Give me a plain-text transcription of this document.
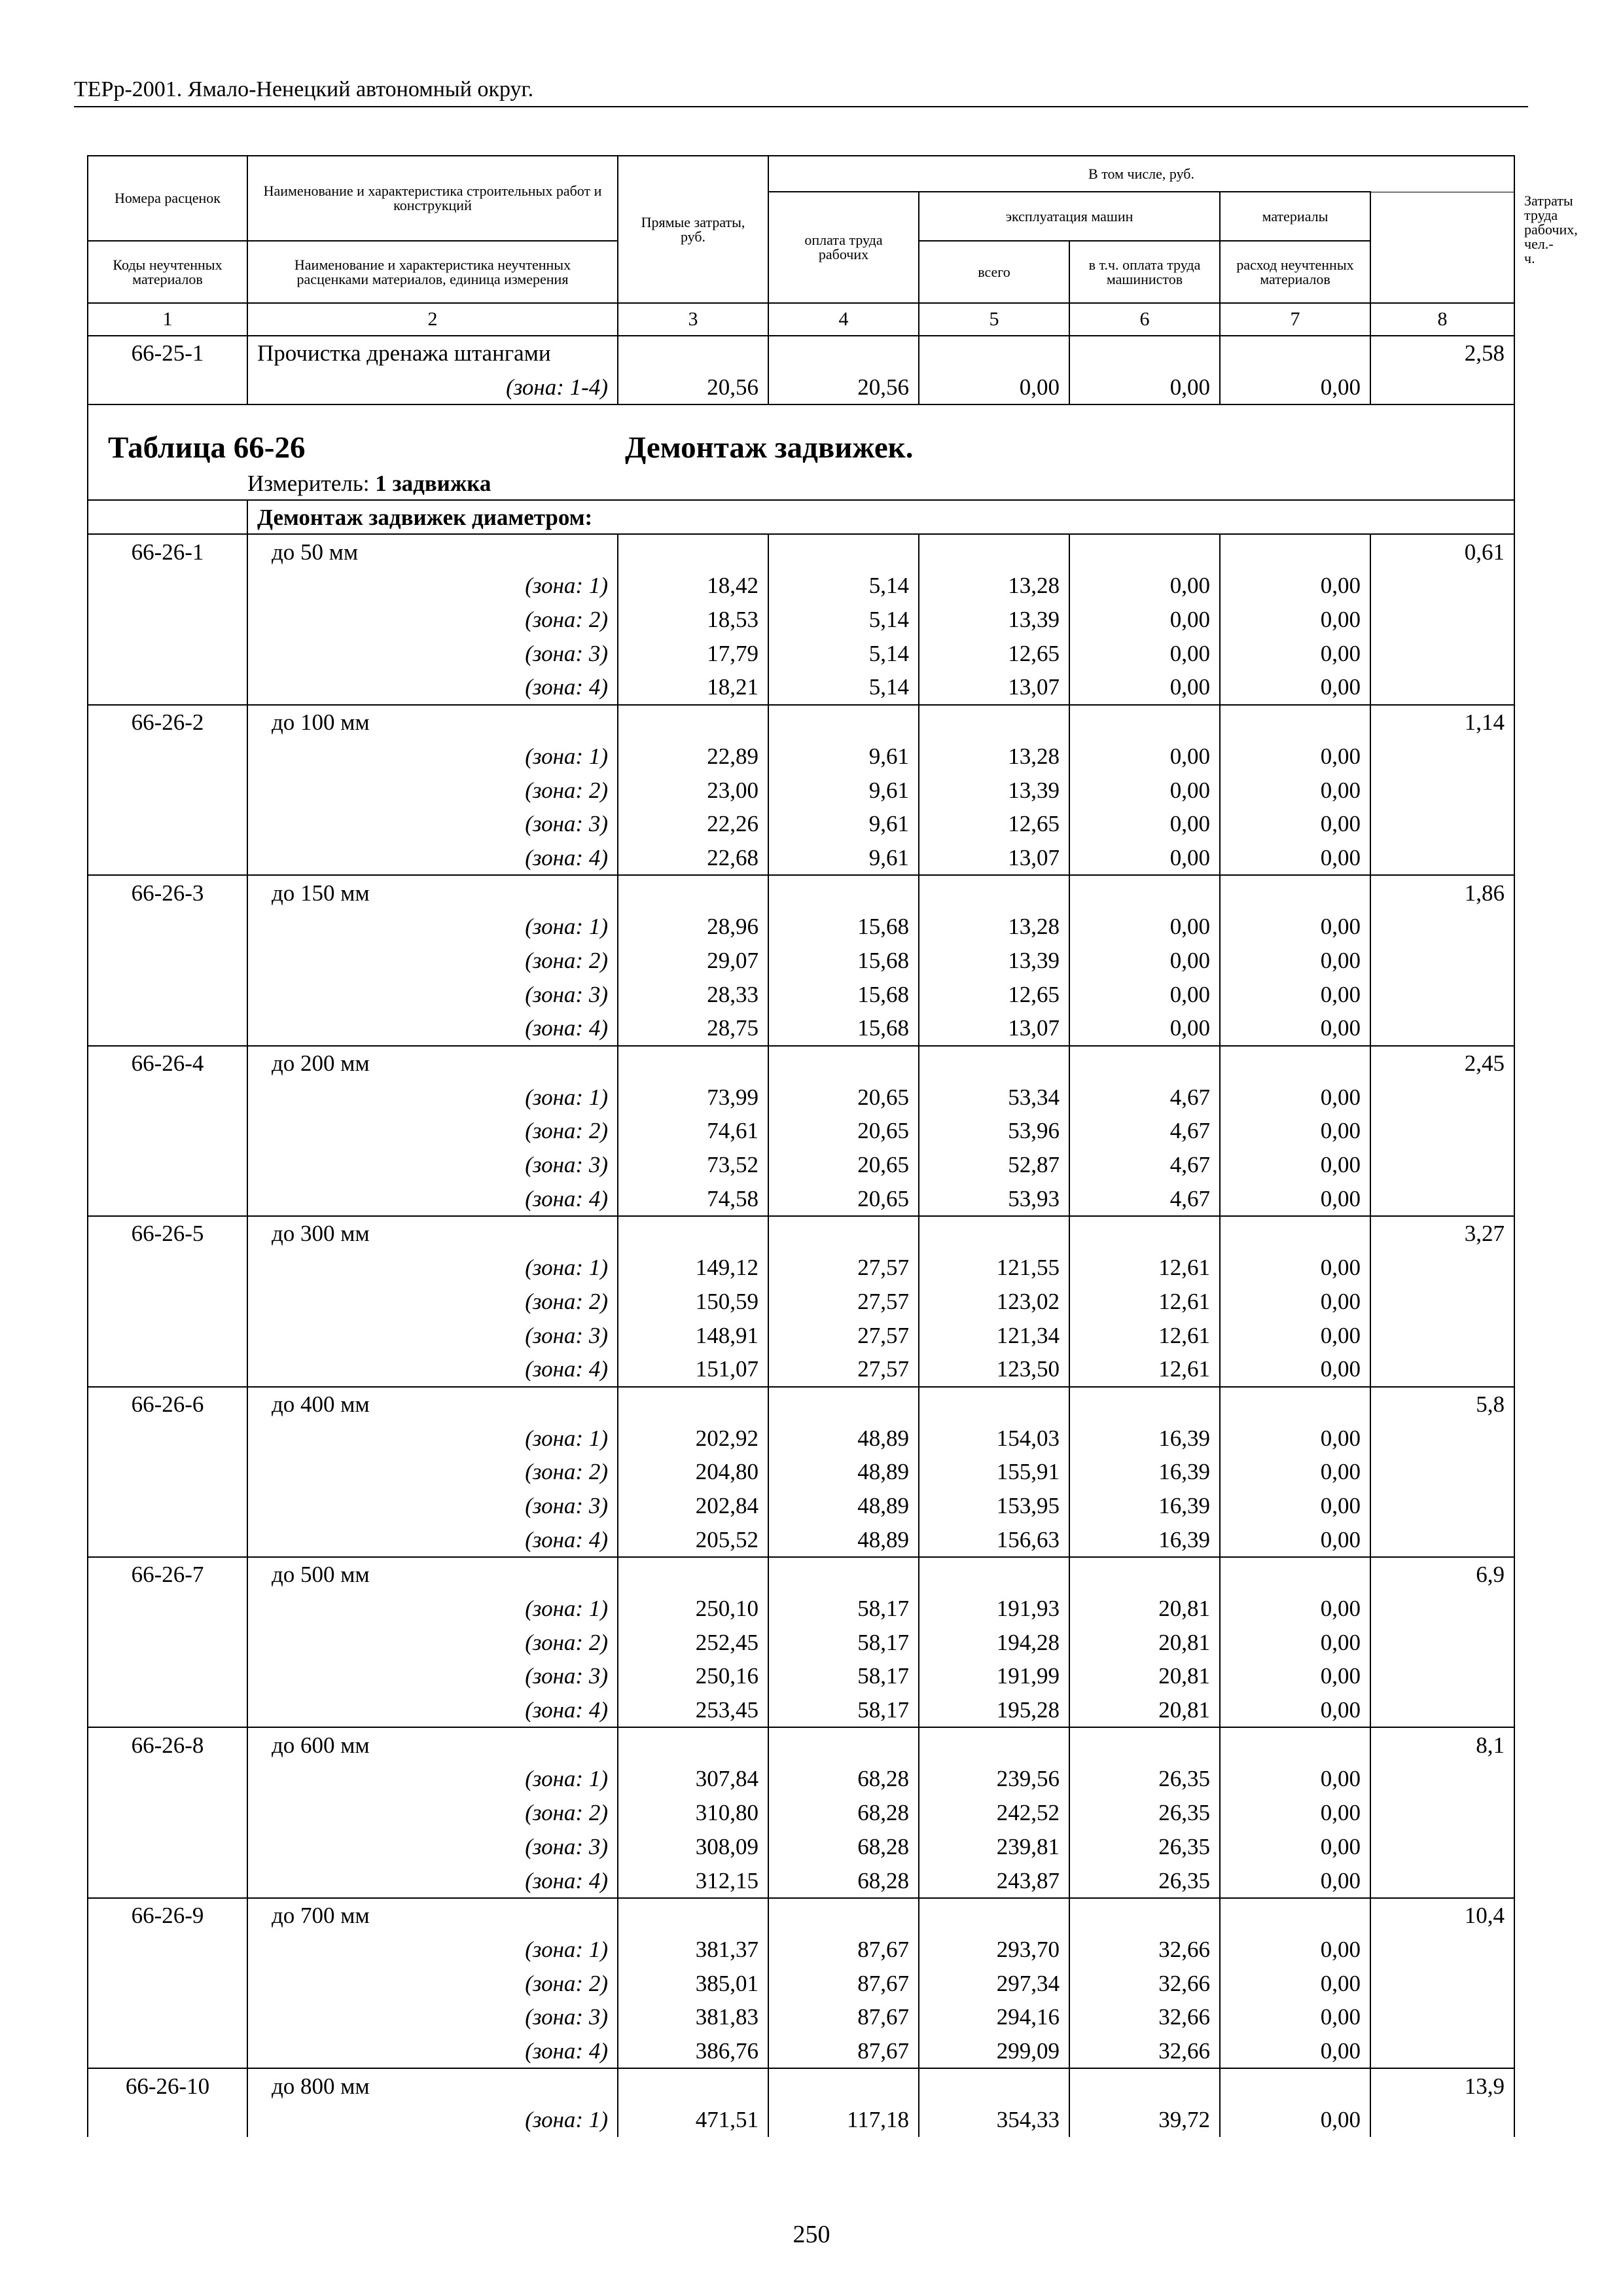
ТЕРр-2001. Ямало-Ненецкий автономный округ.
Номера расценок	Наименование и характеристика строительных работ и конструкций	Прямые затраты, руб.	В том числе, руб.					Затраты труда рабочих, чел.-ч.
			оплата труда рабочих	эксплуатация машин		материалы		
Коды неучтенных материалов	Наименование и характеристика неучтенных расценками материалов, единица измерения			всего	в т.ч. оплата труда машинистов	расход неучтенных материалов		
1	2	3	4	5	6	7	8	
66-25-1	Прочистка дренажа штангами						2,58	
	(зона: 1-4)	20,56	20,56	0,00	0,00	0,00		
Таблица 66-26 Демонтаж задвижек.								
	Измеритель: 1 задвижка							
	Демонтаж задвижек диаметром:							
66-26-1	до 50 мм						0,61	
	(зона: 1)	18,42	5,14	13,28	0,00	0,00		
	(зона: 2)	18,53	5,14	13,39	0,00	0,00		
	(зона: 3)	17,79	5,14	12,65	0,00	0,00		
	(зона: 4)	18,21	5,14	13,07	0,00	0,00		
66-26-2	до 100 мм						1,14	
	(зона: 1)	22,89	9,61	13,28	0,00	0,00		
	(зона: 2)	23,00	9,61	13,39	0,00	0,00		
	(зона: 3)	22,26	9,61	12,65	0,00	0,00		
	(зона: 4)	22,68	9,61	13,07	0,00	0,00		
66-26-3	до 150 мм						1,86	
	(зона: 1)	28,96	15,68	13,28	0,00	0,00		
	(зона: 2)	29,07	15,68	13,39	0,00	0,00		
	(зона: 3)	28,33	15,68	12,65	0,00	0,00		
	(зона: 4)	28,75	15,68	13,07	0,00	0,00		
66-26-4	до 200 мм						2,45	
	(зона: 1)	73,99	20,65	53,34	4,67	0,00		
	(зона: 2)	74,61	20,65	53,96	4,67	0,00		
	(зона: 3)	73,52	20,65	52,87	4,67	0,00		
	(зона: 4)	74,58	20,65	53,93	4,67	0,00		
66-26-5	до 300 мм						3,27	
	(зона: 1)	149,12	27,57	121,55	12,61	0,00		
	(зона: 2)	150,59	27,57	123,02	12,61	0,00		
	(зона: 3)	148,91	27,57	121,34	12,61	0,00		
	(зона: 4)	151,07	27,57	123,50	12,61	0,00		
66-26-6	до 400 мм						5,8	
	(зона: 1)	202,92	48,89	154,03	16,39	0,00		
	(зона: 2)	204,80	48,89	155,91	16,39	0,00		
	(зона: 3)	202,84	48,89	153,95	16,39	0,00		
	(зона: 4)	205,52	48,89	156,63	16,39	0,00		
66-26-7	до 500 мм						6,9	
	(зона: 1)	250,10	58,17	191,93	20,81	0,00		
	(зона: 2)	252,45	58,17	194,28	20,81	0,00		
	(зона: 3)	250,16	58,17	191,99	20,81	0,00		
	(зона: 4)	253,45	58,17	195,28	20,81	0,00		
66-26-8	до 600 мм						8,1	
	(зона: 1)	307,84	68,28	239,56	26,35	0,00		
	(зона: 2)	310,80	68,28	242,52	26,35	0,00		
	(зона: 3)	308,09	68,28	239,81	26,35	0,00		
	(зона: 4)	312,15	68,28	243,87	26,35	0,00		
66-26-9	до 700 мм						10,4	
	(зона: 1)	381,37	87,67	293,70	32,66	0,00		
	(зона: 2)	385,01	87,67	297,34	32,66	0,00		
	(зона: 3)	381,83	87,67	294,16	32,66	0,00		
	(зона: 4)	386,76	87,67	299,09	32,66	0,00		
66-26-10	до 800 мм						13,9	
	(зона: 1)	471,51	117,18	354,33	39,72	0,00		
250
